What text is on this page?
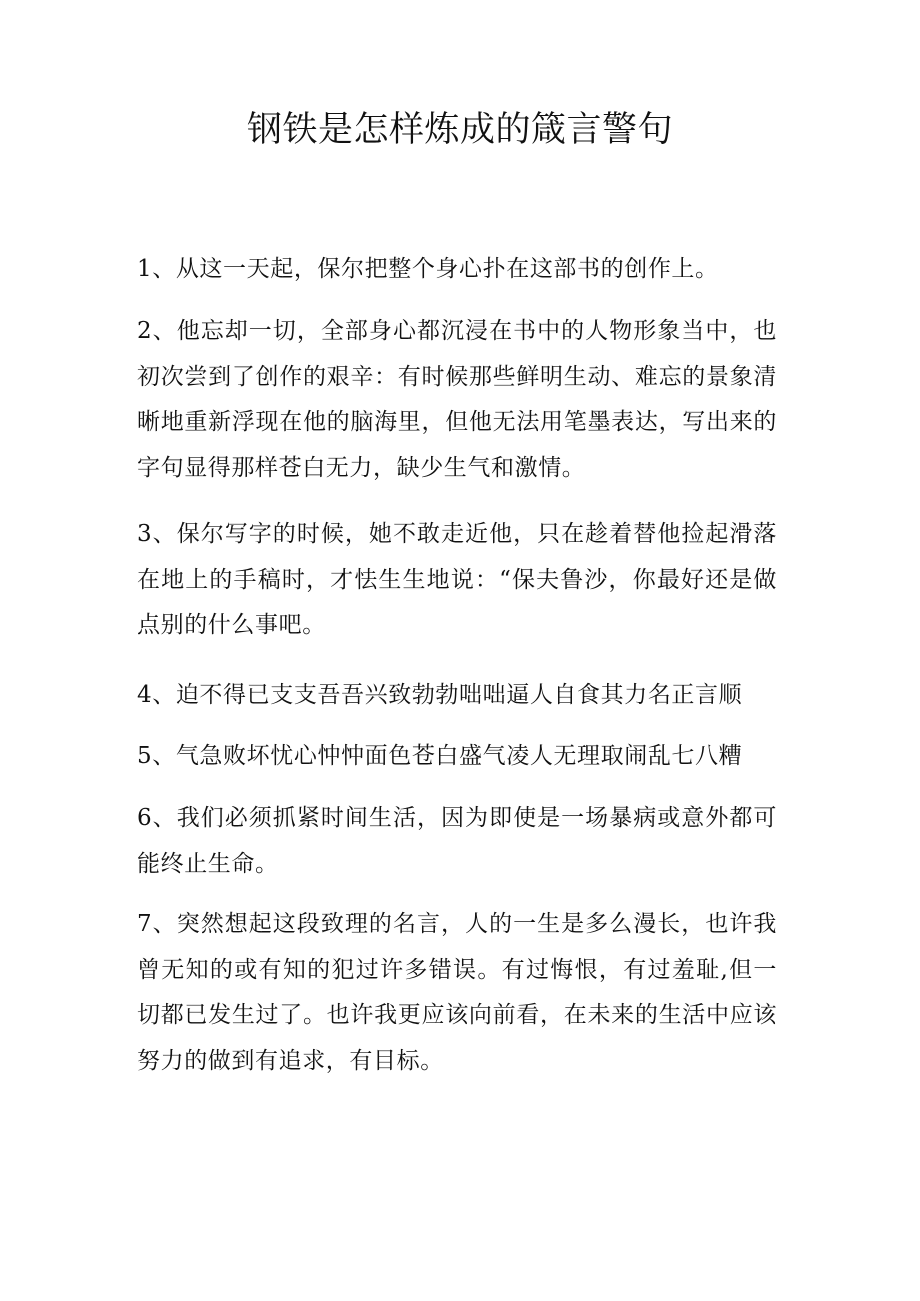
钢铁是怎样炼成的箴言警句

1、从这一天起，保尔把整个身心扑在这部书的创作上。

2、他忘却一切，全部身心都沉浸在书中的人物形象当中，也初次尝到了创作的艰辛：有时候那些鲜明生动、难忘的景象清晰地重新浮现在他的脑海里，但他无法用笔墨表达，写出来的字句显得那样苍白无力，缺少生气和激情。

3、保尔写字的时候，她不敢走近他，只在趁着替他捡起滑落在地上的手稿时，才怯生生地说：“保夫鲁沙，你最好还是做点别的什么事吧。

4、迫不得已支支吾吾兴致勃勃咄咄逼人自食其力名正言顺

5、气急败坏忧心忡忡面色苍白盛气凌人无理取闹乱七八糟

6、我们必须抓紧时间生活，因为即使是一场暴病或意外都可能终止生命。

7、突然想起这段致理的名言，人的一生是多么漫长，也许我曾无知的或有知的犯过许多错误。有过悔恨，有过羞耻,但一切都已发生过了。也许我更应该向前看，在未来的生活中应该努力的做到有追求，有目标。
